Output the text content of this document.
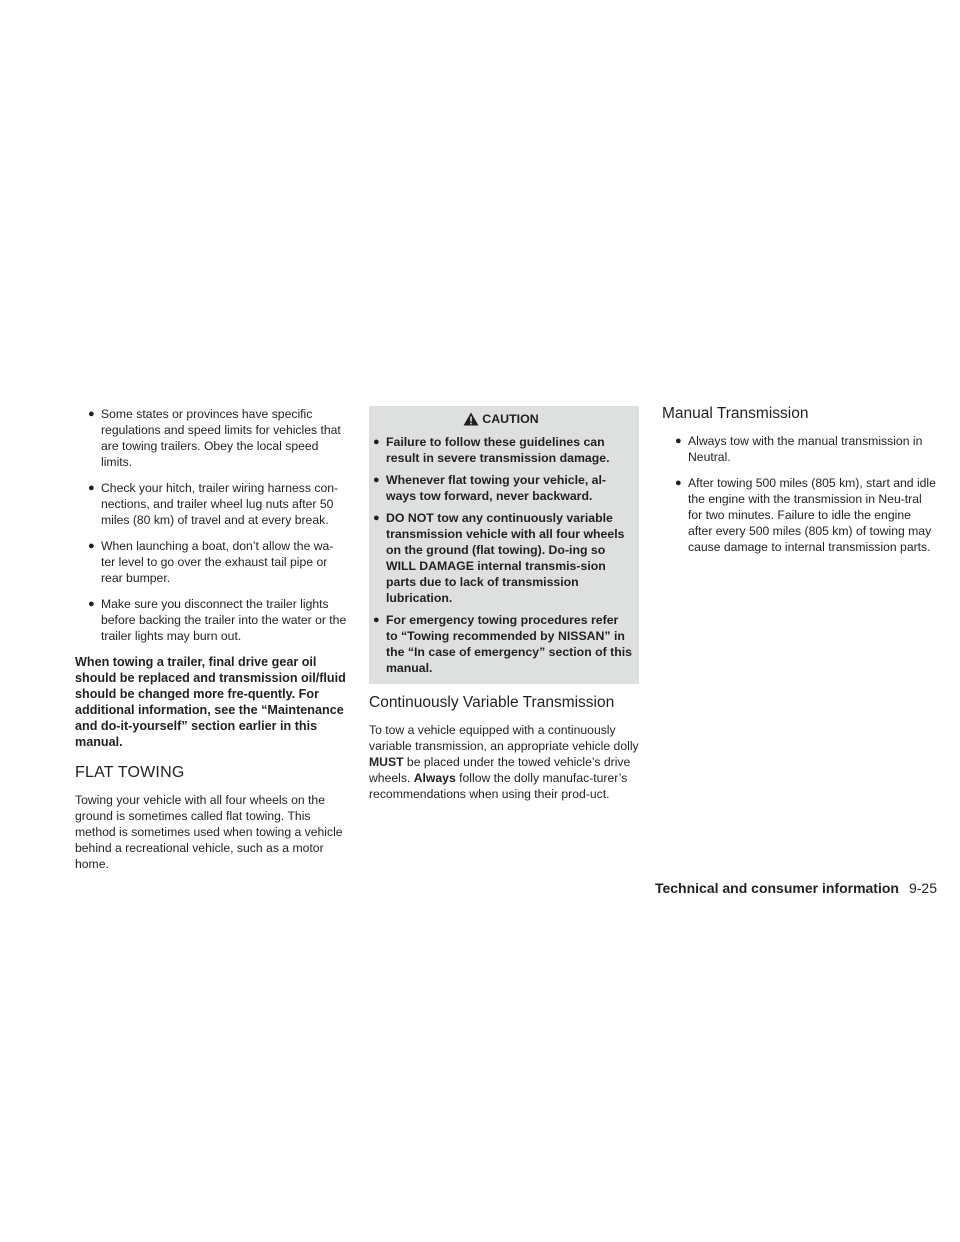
● Some states or provinces have specific regulations and speed limits for vehicles that are towing trailers. Obey the local speed limits.

● Check your hitch, trailer wiring harness con-nections, and trailer wheel lug nuts after 50 miles (80 km) of travel and at every break.

● When launching a boat, don’t allow the wa-ter level to go over the exhaust tail pipe or rear bumper.

● Make sure you disconnect the trailer lights before backing the trailer into the water or the trailer lights may burn out.

When towing a trailer, final drive gear oil should be replaced and transmission oil/fluid should be changed more fre-quently. For additional information, see the “Maintenance and do-it-yourself” section earlier in this manual.

FLAT TOWING

Towing your vehicle with all four wheels on the ground is sometimes called flat towing. This method is sometimes used when towing a vehicle behind a recreational vehicle, such as a motor home.

CAUTION

● Failure to follow these guidelines can result in severe transmission damage.

● Whenever flat towing your vehicle, al-ways tow forward, never backward.

● DO NOT tow any continuously variable transmission vehicle with all four wheels on the ground (flat towing). Do-ing so WILL DAMAGE internal transmis-sion parts due to lack of transmission lubrication.

● For emergency towing procedures refer to “Towing recommended by NISSAN” in the “In case of emergency” section of this manual.

Continuously Variable Transmission

To tow a vehicle equipped with a continuously variable transmission, an appropriate vehicle dolly MUST be placed under the towed vehicle’s drive wheels. Always follow the dolly manufac-turer’s recommendations when using their prod-uct.

Manual Transmission

● Always tow with the manual transmission in Neutral.

● After towing 500 miles (805 km), start and idle the engine with the transmission in Neu-tral for two minutes. Failure to idle the engine after every 500 miles (805 km) of towing may cause damage to internal transmission parts.

Technical and consumer information 9-25
